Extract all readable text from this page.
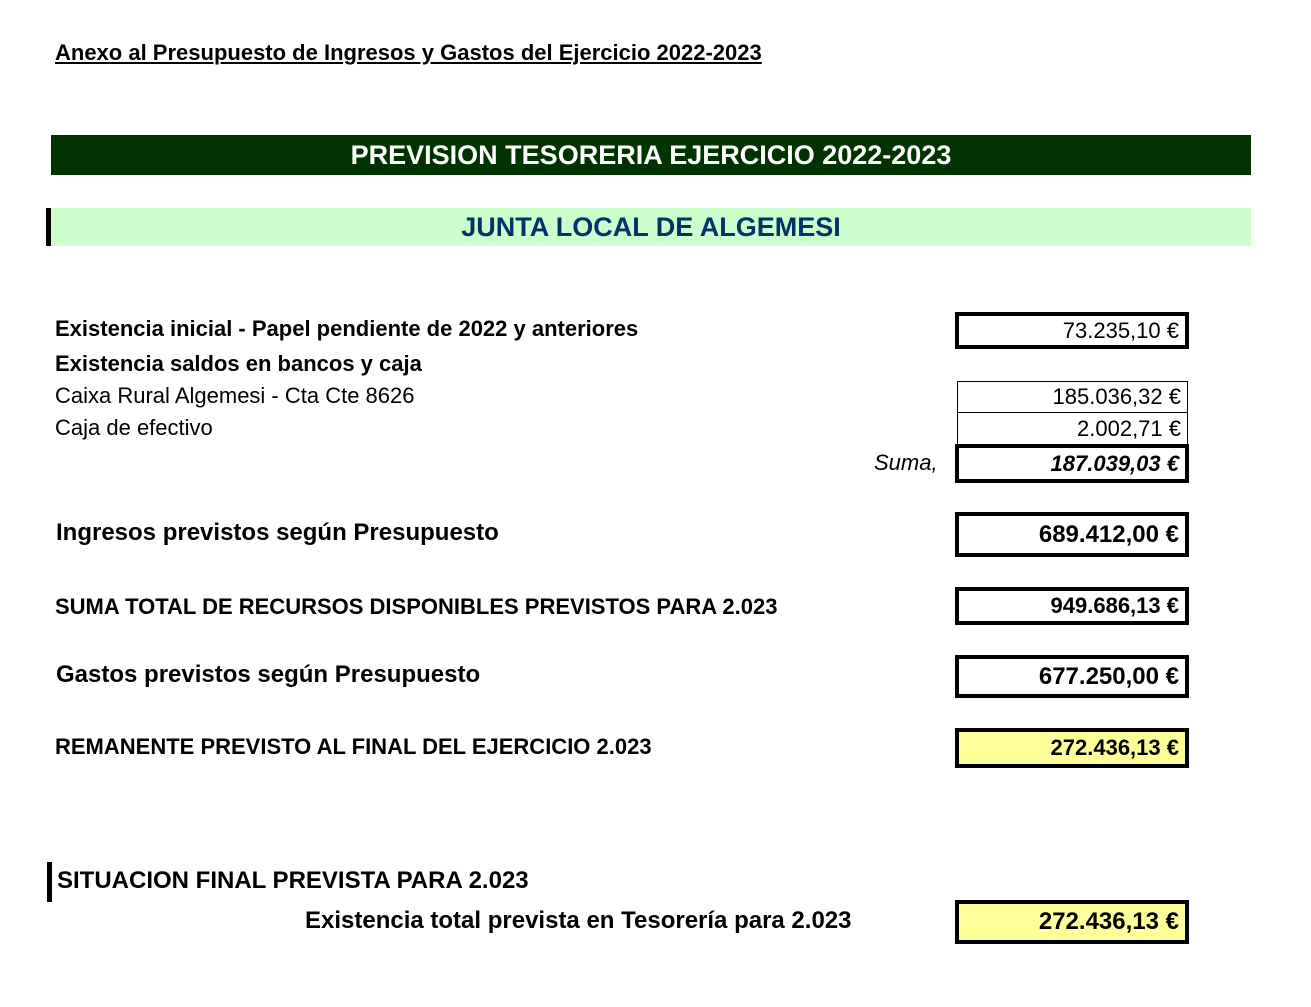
Anexo al Presupuesto de Ingresos y Gastos del Ejercicio 2022-2023
PREVISION TESORERIA EJERCICIO 2022-2023
JUNTA LOCAL DE ALGEMESI
Existencia inicial - Papel pendiente de 2022 y anteriores	73.235,10 €
Existencia saldos en bancos y caja
Caixa Rural Algemesi - Cta Cte 8626	185.036,32 €
Caja de efectivo	2.002,71 €
Suma,	187.039,03 €
Ingresos previstos según Presupuesto	689.412,00 €
SUMA TOTAL DE RECURSOS DISPONIBLES PREVISTOS PARA 2.023	949.686,13 €
Gastos previstos según Presupuesto	677.250,00 €
REMANENTE PREVISTO AL FINAL DEL EJERCICIO 2.023	272.436,13 €
SITUACION FINAL PREVISTA PARA 2.023
Existencia total prevista en Tesorería para 2.023	272.436,13 €
